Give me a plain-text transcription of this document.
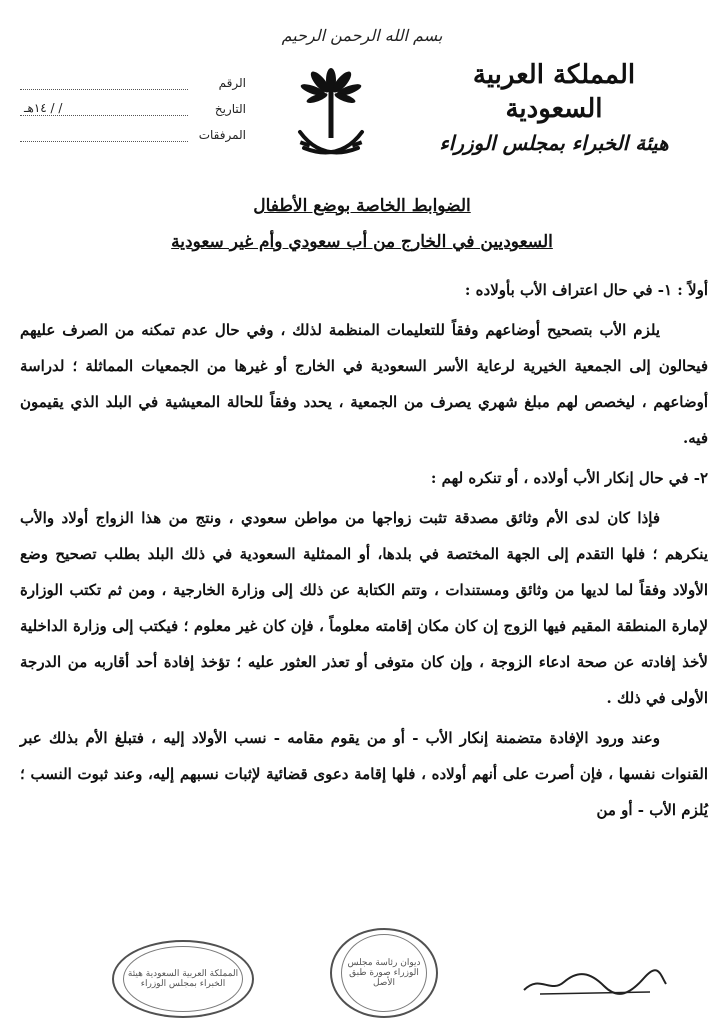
بسم الله الرحمن الرحيم
المملكة العربية السعودية
هيئة الخبراء بمجلس الوزراء
الرقم
التاريخ
/ / ١٤هـ
المرفقات
الضوابط الخاصة بوضع الأطفال
السعوديين في الخارج من أب سعودي وأم غير سعودية

أولاً : ١- في حال اعتراف الأب بأولاده :

يلزم الأب بتصحيح أوضاعهم وفقاً للتعليمات المنظمة لذلك ، وفي حال عدم تمكنه من الصرف عليهم فيحالون إلى الجمعية الخيرية لرعاية الأسر السعودية في الخارج أو غيرها من الجمعيات المماثلة ؛ لدراسة أوضاعهم ، ليخصص لهم مبلغ شهري يصرف من الجمعية ، يحدد وفقاً للحالة المعيشية في البلد الذي يقيمون فيه.

٢- في حال إنكار الأب أولاده ، أو تنكره لهم :

فإذا كان لدى الأم وثائق مصدقة تثبت زواجها من مواطن سعودي ، ونتج من هذا الزواج أولاد والأب ينكرهم ؛ فلها التقدم إلى الجهة المختصة في بلدها، أو الممثلية السعودية في ذلك البلد بطلب تصحيح وضع الأولاد وفقاً لما لديها من وثائق ومستندات ، وتتم الكتابة عن ذلك إلى وزارة الخارجية ، ومن ثم تكتب الوزارة لإمارة المنطقة المقيم فيها الزوج إن كان مكان إقامته معلوماً ، فإن كان غير معلوم ؛ فيكتب إلى وزارة الداخلية لأخذ إفادته عن صحة ادعاء الزوجة ، وإن كان متوفى أو تعذر العثور عليه ؛ تؤخذ إفادة أحد أقاربه من الدرجة الأولى في ذلك .

وعند ورود الإفادة متضمنة إنكار الأب - أو من يقوم مقامه - نسب الأولاد إليه ، فتبلغ الأم بذلك عبر القنوات نفسها ، فإن أصرت على أنهم أولاده ، فلها إقامة دعوى قضائية لإثبات نسبهم إليه، وعند ثبوت النسب ؛ يُلزم الأب - أو من

المملكة العربية السعودية هيئة الخبراء بمجلس الوزراء
ديوان رئاسة مجلس الوزراء صورة طبق الأصل
